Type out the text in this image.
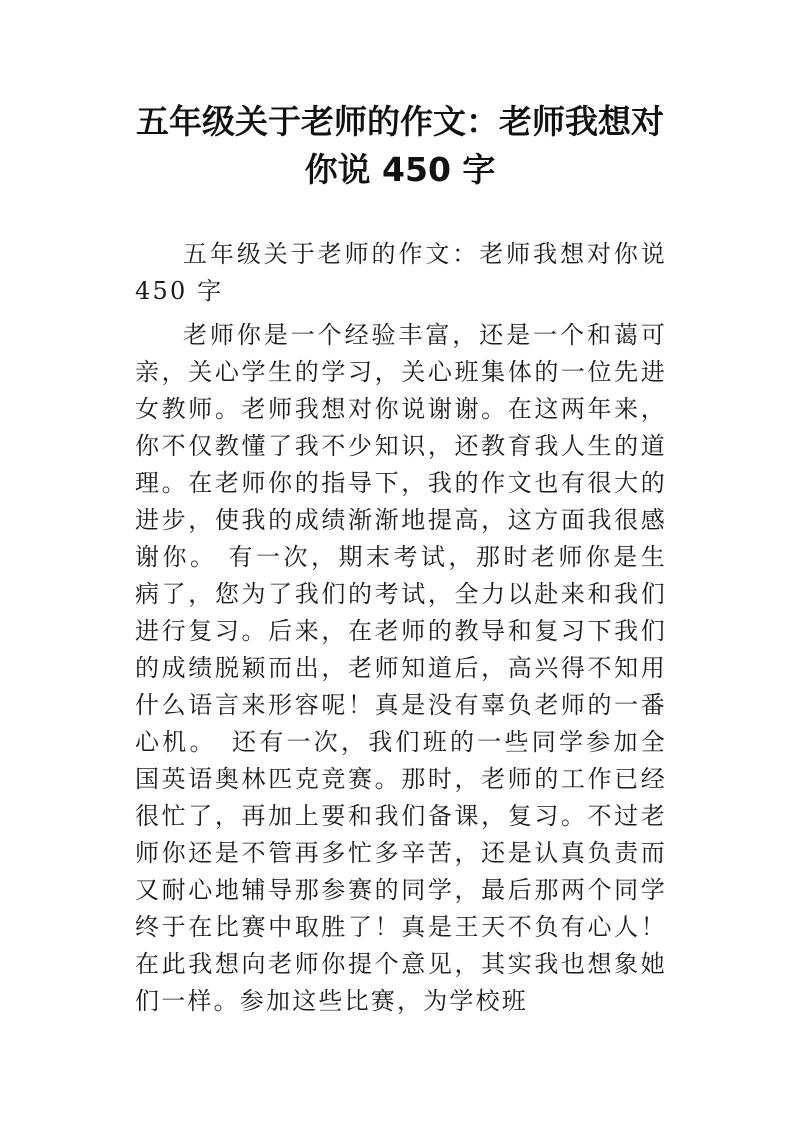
五年级关于老师的作文：老师我想对
你说 450 字

五年级关于老师的作文：老师我想对你说 450 字

老师你是一个经验丰富，还是一个和蔼可亲，关心学生的学习，关心班集体的一位先进女教师。老师我想对你说谢谢。在这两年来，你不仅教懂了我不少知识，还教育我人生的道理。在老师你的指导下，我的作文也有很大的进步，使我的成绩渐渐地提高，这方面我很感谢你。 有一次，期末考试，那时老师你是生病了，您为了我们的考试，全力以赴来和我们进行复习。后来，在老师的教导和复习下我们的成绩脱颖而出，老师知道后，高兴得不知用什么语言来形容呢！真是没有辜负老师的一番心机。　还有一次，我们班的一些同学参加全国英语奥林匹克竞赛。那时，老师的工作已经很忙了，再加上要和我们备课，复习。不过老师你还是不管再多忙多辛苦，还是认真负责而又耐心地辅导那参赛的同学，最后那两个同学终于在比赛中取胜了！真是王天不负有心人！ 在此我想向老师你提个意见，其实我也想象她们一样。参加这些比赛，为学校班
